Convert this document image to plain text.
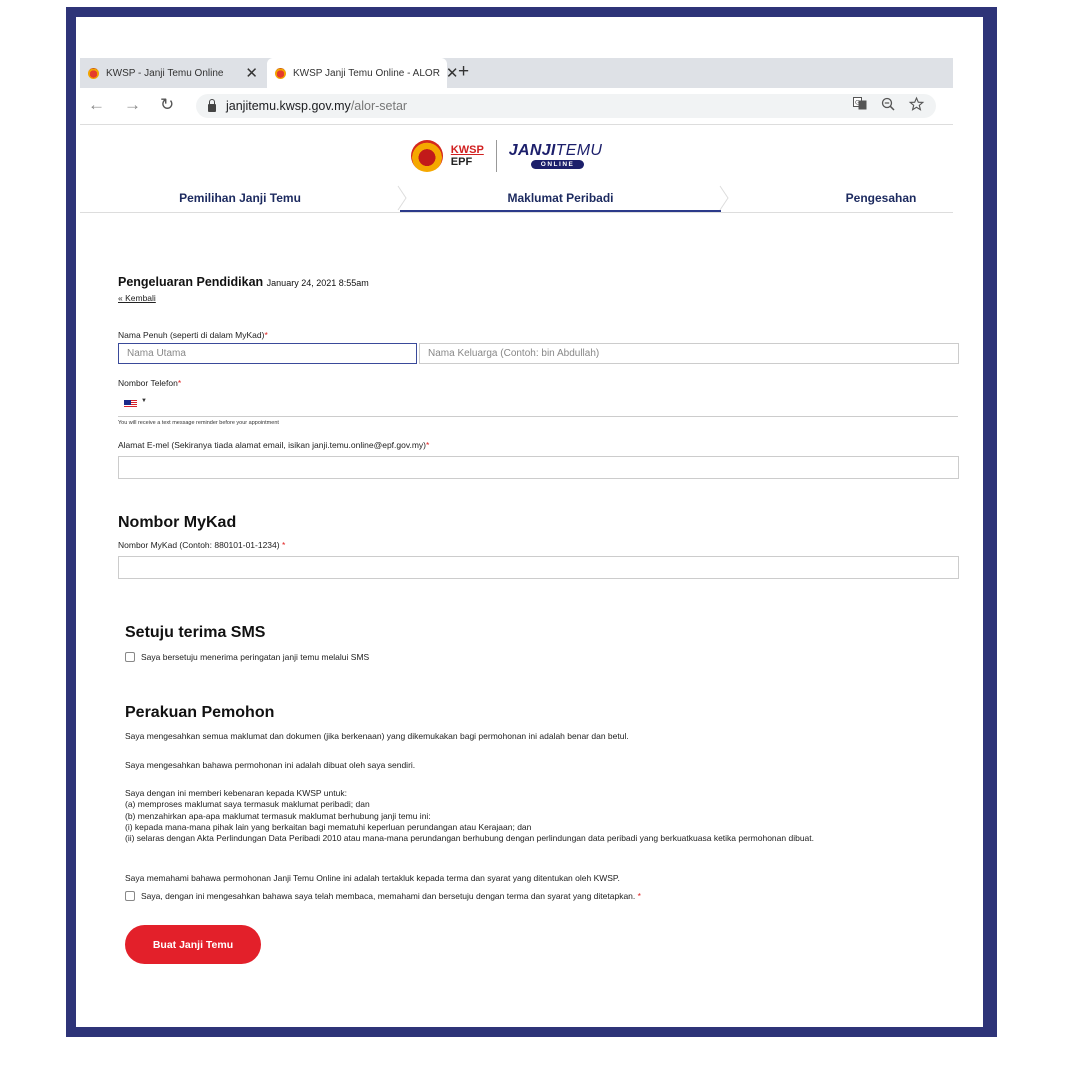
KWSP - Janji Temu Online	✕	KWSP Janji Temu Online - ALOR ✕ +
← → ↻	janjitemu.kwsp.gov.my /alor-setar	G
KWSP
EPF
JANJITEMU
ONLINE
Pemilihan Janji Temu	Maklumat Peribadi	Pengesahan
Pengeluaran Pendidikan January 24, 2021 8:55am
« Kembali
Nama Penuh (seperti di dalam MyKad)*
Nama Utama	Nama Keluarga (Contoh: bin Abdullah)
Nombor Telefon*
▼
You will receive a text message reminder before your appointment
Alamat E-mel (Sekiranya tiada alamat email, isikan janji.temu.online@epf.gov.my)*
Nombor MyKad
Nombor MyKad (Contoh: 880101-01-1234) *
Setuju terima SMS
Saya bersetuju menerima peringatan janji temu melalui SMS
Perakuan Pemohon
Saya mengesahkan semua maklumat dan dokumen (jika berkenaan) yang dikemukakan bagi permohonan ini adalah benar dan betul.
Saya mengesahkan bahawa permohonan ini adalah dibuat oleh saya sendiri.
Saya dengan ini memberi kebenaran kepada KWSP untuk:
(a) memproses maklumat saya termasuk maklumat peribadi; dan
(b) menzahirkan apa-apa maklumat termasuk maklumat berhubung janji temu ini:
(i) kepada mana-mana pihak lain yang berkaitan bagi mematuhi keperluan perundangan atau Kerajaan; dan
(ii) selaras dengan Akta Perlindungan Data Peribadi 2010 atau mana-mana perundangan berhubung dengan perlindungan data peribadi yang berkuatkuasa ketika permohonan dibuat.
Saya memahami bahawa permohonan Janji Temu Online ini adalah tertakluk kepada terma dan syarat yang ditentukan oleh KWSP.
Saya, dengan ini mengesahkan bahawa saya telah membaca, memahami dan bersetuju dengan terma dan syarat yang ditetapkan.
*
Buat Janji Temu
